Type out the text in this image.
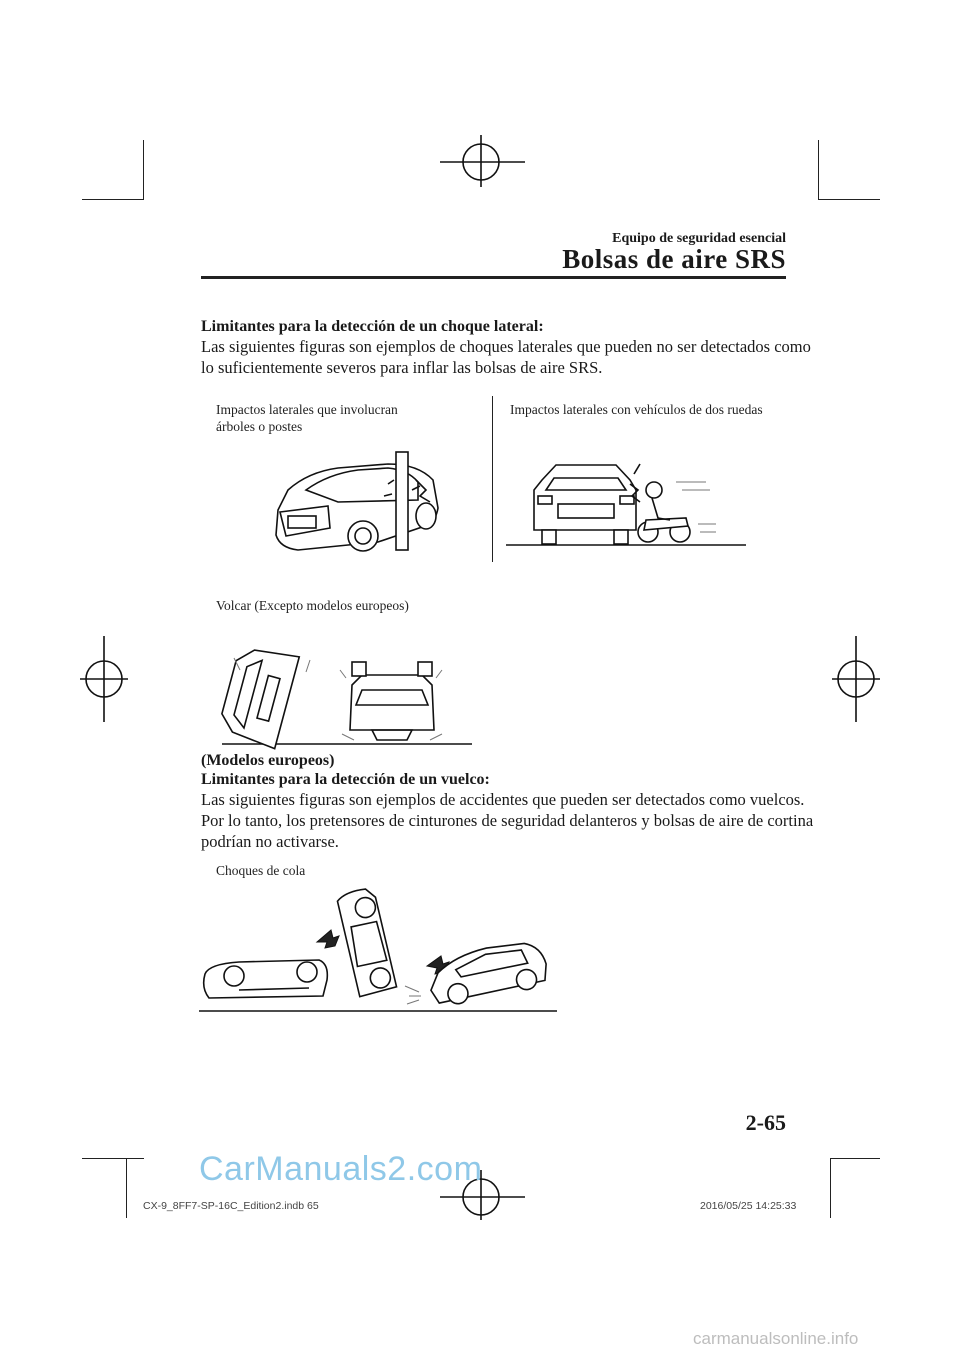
Equipo de seguridad esencial
Bolsas de aire SRS
Limitantes para la detección de un choque lateral:
Las siguientes figuras son ejemplos de choques laterales que pueden no ser detectados como
lo suficientemente severos para inflar las bolsas de aire SRS.
Impactos laterales que involucran
árboles o postes
Impactos laterales con vehículos de dos ruedas
Volcar (Excepto modelos europeos)
(Modelos europeos)
Limitantes para la detección de un vuelco:
Las siguientes figuras son ejemplos de accidentes que pueden ser detectados como vuelcos.
Por lo tanto, los pretensores de cinturones de seguridad delanteros y bolsas de aire de cortina
podrían no activarse.
Choques de cola
2-65
CX-9_8FF7-SP-16C_Edition2.indb 65	2016/05/25 14:25:33
CarManuals2.com
carmanualsonline.info
